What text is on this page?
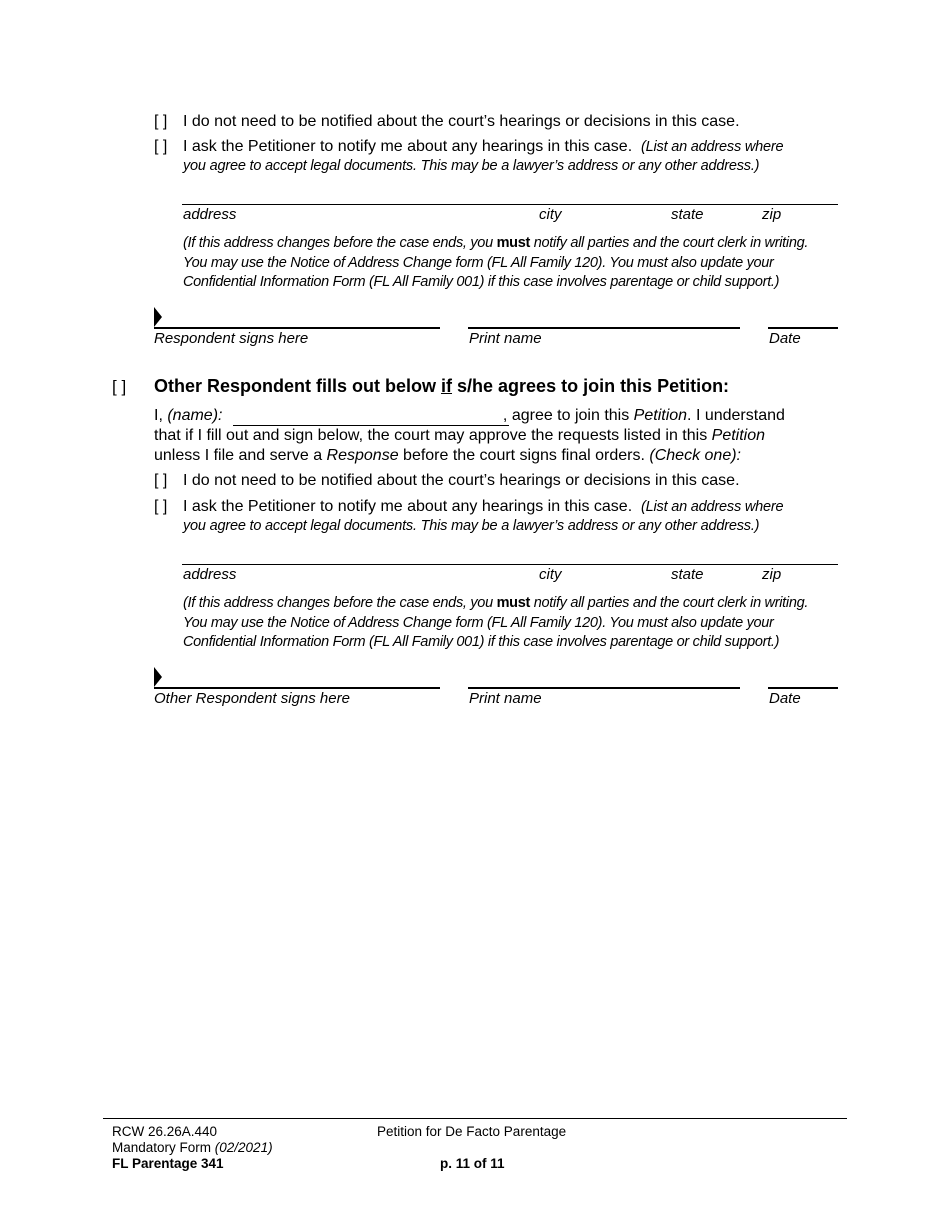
[ ] I do not need to be notified about the court’s hearings or decisions in this case.
[ ] I ask the Petitioner to notify me about any hearings in this case. (List an address where
you agree to accept legal documents. This may be a lawyer’s address or any other address.)
address	city	state	zip
(If this address changes before the case ends, you must notify all parties and the court clerk in writing.
You may use the Notice of Address Change form (FL All Family 120). You must also update your
Confidential Information Form (FL All Family 001) if this case involves parentage or child support.)
Respondent signs here	Print name	Date
[ ] Other Respondent fills out below if s/he agrees to join this Petition:
I, (name):	, agree to join this Petition. I understand
that if I fill out and sign below, the court may approve the requests listed in this Petition
unless I file and serve a Response before the court signs final orders. (Check one):
[ ] I do not need to be notified about the court’s hearings or decisions in this case.
[ ] I ask the Petitioner to notify me about any hearings in this case. (List an address where
you agree to accept legal documents. This may be a lawyer’s address or any other address.)
address	city	state	zip
(If this address changes before the case ends, you must notify all parties and the court clerk in writing.
You may use the Notice of Address Change form (FL All Family 120). You must also update your
Confidential Information Form (FL All Family 001) if this case involves parentage or child support.)
Other Respondent signs here	Print name	Date
RCW 26.26A.440
Mandatory Form (02/2021)
FL Parentage 341
Petition for De Facto Parentage
p. 11 of 11
